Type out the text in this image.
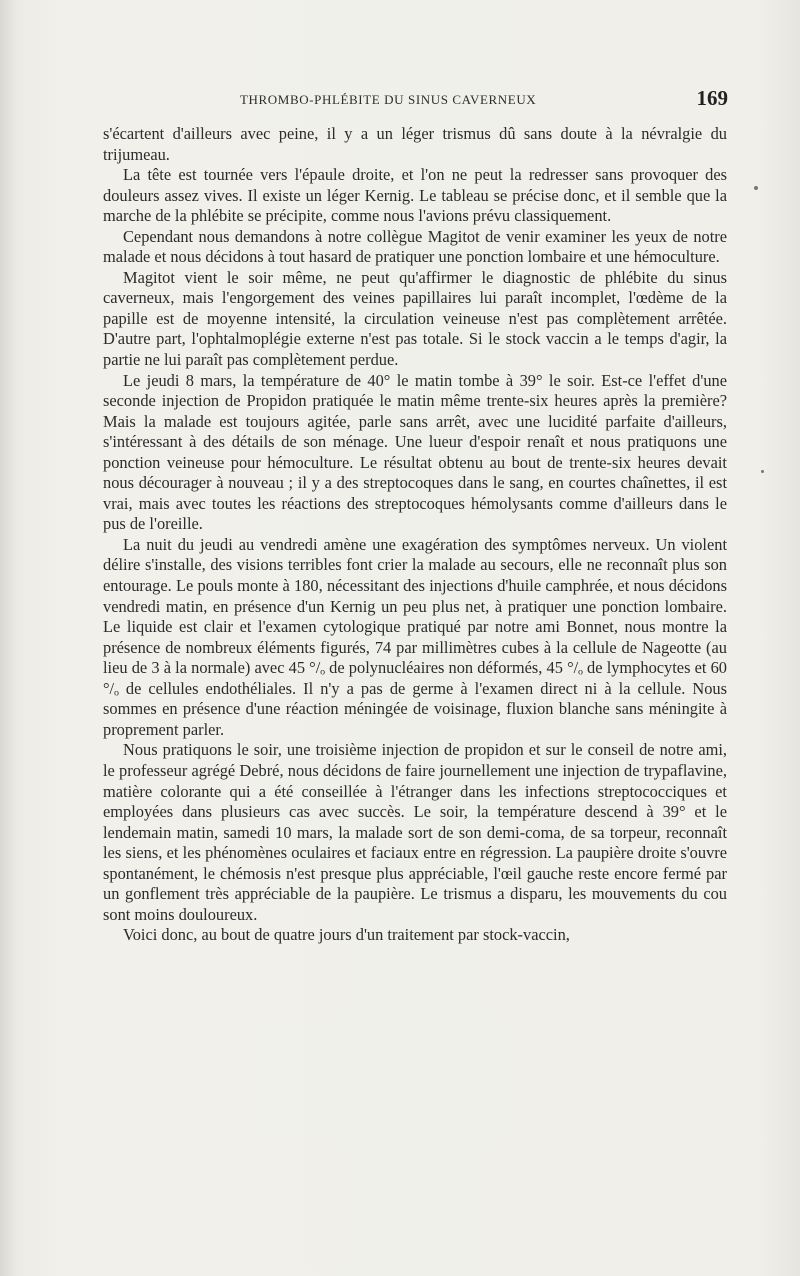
THROMBO-PHLÉBITE DU SINUS CAVERNEUX	169

s'écartent d'ailleurs avec peine, il y a un léger trismus dû sans doute à la névralgie du trijumeau.

La tête est tournée vers l'épaule droite, et l'on ne peut la redresser sans provoquer des douleurs assez vives. Il existe un léger Kernig. Le tableau se précise donc, et il semble que la marche de la phlébite se précipite, comme nous l'avions prévu classiquement.

Cependant nous demandons à notre collègue Magitot de venir examiner les yeux de notre malade et nous décidons à tout hasard de pratiquer une ponction lombaire et une hémoculture.

Magitot vient le soir même, ne peut qu'affirmer le diagnostic de phlébite du sinus caverneux, mais l'engorgement des veines papillaires lui paraît incomplet, l'œdème de la papille est de moyenne intensité, la circulation veineuse n'est pas complètement arrêtée. D'autre part, l'ophtalmoplégie externe n'est pas totale. Si le stock vaccin a le temps d'agir, la partie ne lui paraît pas complètement perdue.

Le jeudi 8 mars, la température de 40° le matin tombe à 39° le soir. Est-ce l'effet d'une seconde injection de Propidon pratiquée le matin même trente-six heures après la première? Mais la malade est toujours agitée, parle sans arrêt, avec une lucidité parfaite d'ailleurs, s'intéressant à des détails de son ménage. Une lueur d'espoir renaît et nous pratiquons une ponction veineuse pour hémoculture. Le résultat obtenu au bout de trente-six heures devait nous décourager à nouveau ; il y a des streptocoques dans le sang, en courtes chaînettes, il est vrai, mais avec toutes les réactions des streptocoques hémolysants comme d'ailleurs dans le pus de l'oreille.

La nuit du jeudi au vendredi amène une exagération des symptômes nerveux. Un violent délire s'installe, des visions terribles font crier la malade au secours, elle ne reconnaît plus son entourage. Le pouls monte à 180, nécessitant des injections d'huile camphrée, et nous décidons vendredi matin, en présence d'un Kernig un peu plus net, à pratiquer une ponction lombaire. Le liquide est clair et l'examen cytologique pratiqué par notre ami Bonnet, nous montre la présence de nombreux éléments figurés, 74 par millimètres cubes à la cellule de Nageotte (au lieu de 3 à la normale) avec 45 °/ₒ de polynucléaires non déformés, 45 °/ₒ de lymphocytes et 60 °/ₒ de cellules endothéliales. Il n'y a pas de germe à l'examen direct ni à la cellule. Nous sommes en présence d'une réaction méningée de voisinage, fluxion blanche sans méningite à proprement parler.

Nous pratiquons le soir, une troisième injection de propidon et sur le conseil de notre ami, le professeur agrégé Debré, nous décidons de faire journellement une injection de trypaflavine, matière colorante qui a été conseillée à l'étranger dans les infections streptococciques et employées dans plusieurs cas avec succès. Le soir, la température descend à 39° et le lendemain matin, samedi 10 mars, la malade sort de son demi-coma, de sa torpeur, reconnaît les siens, et les phénomènes oculaires et faciaux entre en régression. La paupière droite s'ouvre spontanément, le chémosis n'est presque plus appréciable, l'œil gauche reste encore fermé par un gonflement très appréciable de la paupière. Le trismus a disparu, les mouvements du cou sont moins douloureux.

Voici donc, au bout de quatre jours d'un traitement par stock-vaccin,
